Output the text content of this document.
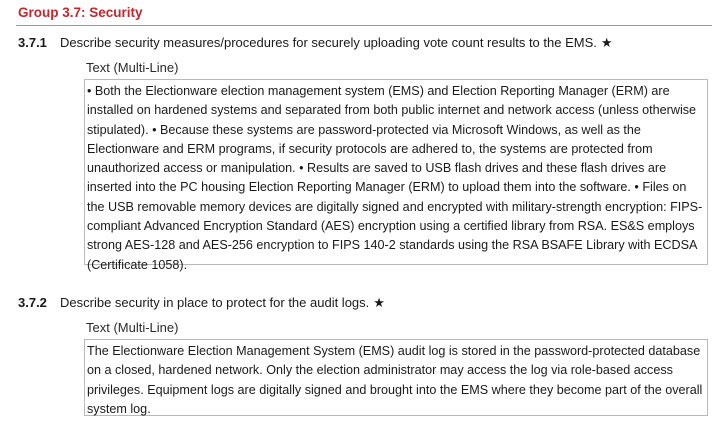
Group 3.7: Security
3.7.1 Describe security measures/procedures for securely uploading vote count results to the EMS. ★
Text (Multi-Line)
• Both the Electionware election management system (EMS) and Election Reporting Manager (ERM) are installed on hardened systems and separated from both public internet and network access (unless otherwise stipulated). • Because these systems are password-protected via Microsoft Windows, as well as the Electionware and ERM programs, if security protocols are adhered to, the systems are protected from unauthorized access or manipulation. • Results are saved to USB flash drives and these flash drives are inserted into the PC housing Election Reporting Manager (ERM) to upload them into the software. • Files on the USB removable memory devices are digitally signed and encrypted with military-strength encryption: FIPS-compliant Advanced Encryption Standard (AES) encryption using a certified library from RSA. ES&S employs strong AES-128 and AES-256 encryption to FIPS 140-2 standards using the RSA BSAFE Library with ECDSA (Certificate 1058).
3.7.2 Describe security in place to protect for the audit logs. ★
Text (Multi-Line)
The Electionware Election Management System (EMS) audit log is stored in the password-protected database on a closed, hardened network. Only the election administrator may access the log via role-based access privileges. Equipment logs are digitally signed and brought into the EMS where they become part of the overall system log.
